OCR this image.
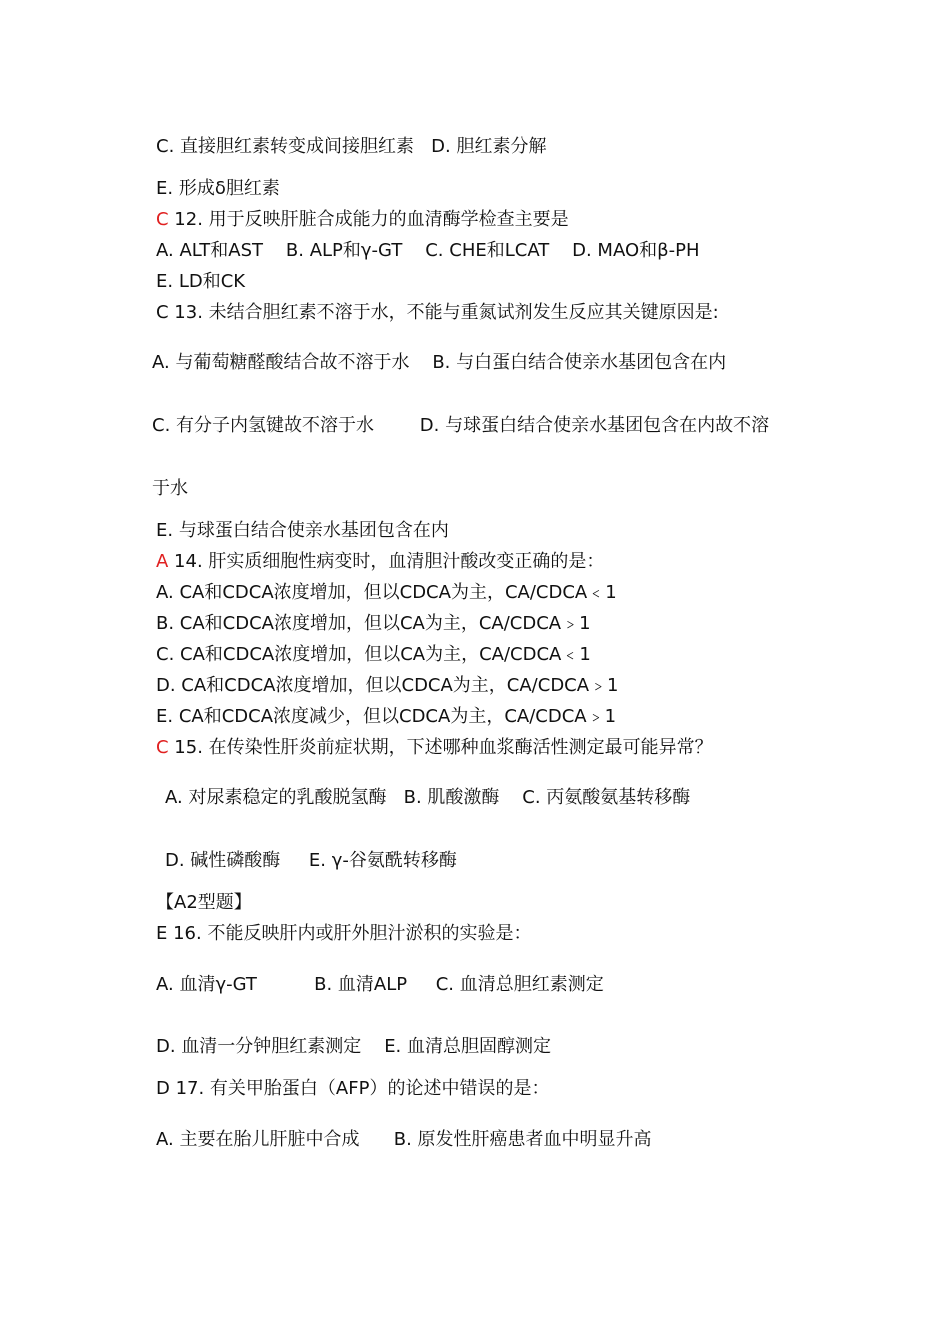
C. 直接胆红素转变成间接胆红素   D. 胆红素分解
E. 形成δ胆红素
C 12. 用于反映肝脏合成能力的血清酶学检查主要是
A. ALT和AST    B. ALP和γ-GT    C. CHE和LCAT    D. MAO和β-PH
E. LD和CK
C 13. 未结合胆红素不溶于水，不能与重氮试剂发生反应其关键原因是:
A. 与葡萄糖醛酸结合故不溶于水    B. 与白蛋白结合使亲水基团包含在内
C. 有分子内氢键故不溶于水        D. 与球蛋白结合使亲水基团包含在内故不溶
于水
E. 与球蛋白结合使亲水基团包含在内
A 14. 肝实质细胞性病变时，血清胆汁酸改变正确的是：
A. CA和CDCA浓度增加，但以CDCA为主，CA/CDCA﹤1
B. CA和CDCA浓度增加，但以CA为主，CA/CDCA﹥1
C. CA和CDCA浓度增加，但以CA为主，CA/CDCA﹤1
D. CA和CDCA浓度增加，但以CDCA为主，CA/CDCA﹥1
E. CA和CDCA浓度减少，但以CDCA为主，CA/CDCA﹥1
C 15. 在传染性肝炎前症状期，下述哪种血浆酶活性测定最可能异常？
A. 对尿素稳定的乳酸脱氢酶   B. 肌酸激酶    C. 丙氨酸氨基转移酶
D. 碱性磷酸酶     E. γ-谷氨酰转移酶
【A2型题】
E 16. 不能反映肝内或肝外胆汁淤积的实验是：
A. 血清γ-GT          B. 血清ALP     C. 血清总胆红素测定
D. 血清一分钟胆红素测定    E. 血清总胆固醇测定
D 17. 有关甲胎蛋白（AFP）的论述中错误的是：
A. 主要在胎儿肝脏中合成      B. 原发性肝癌患者血中明显升高
